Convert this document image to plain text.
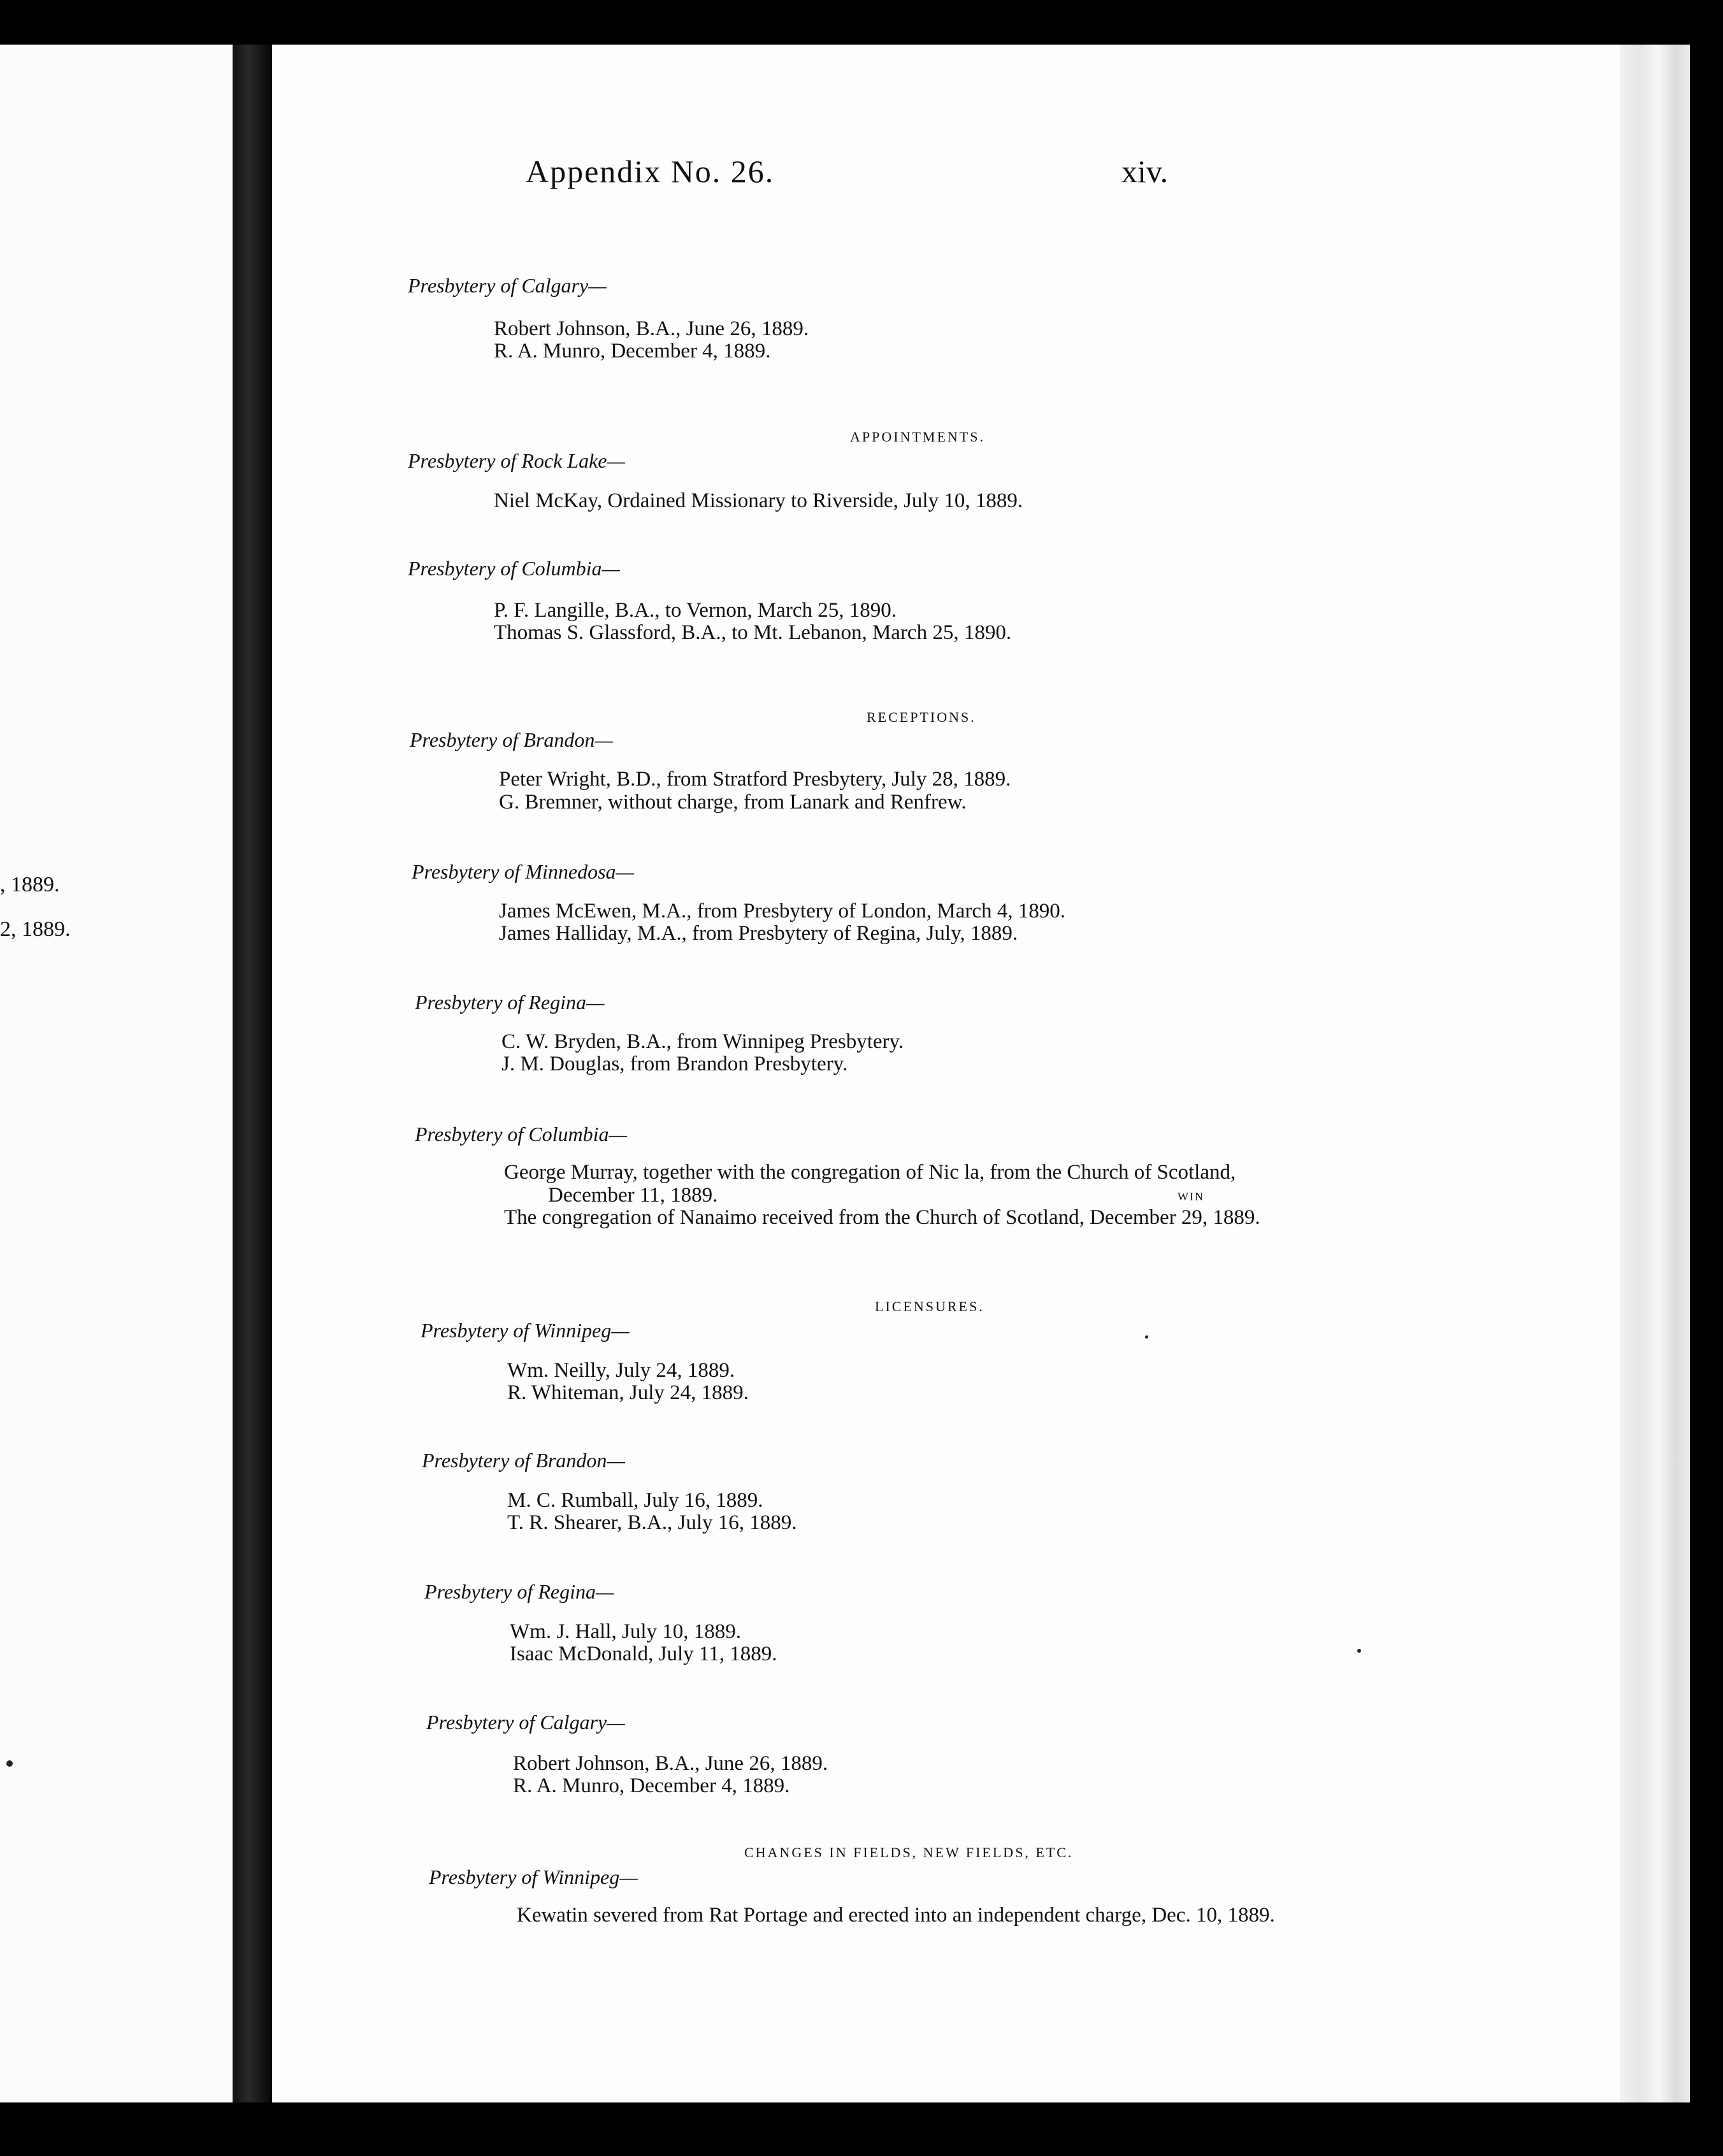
, 1889.
2, 1889.
Appendix No. 26.	xiv.
Presbytery of Calgary—
Robert Johnson, B.A., June 26, 1889.
R. A. Munro, December 4, 1889.
APPOINTMENTS.
Presbytery of Rock Lake—
Niel McKay, Ordained Missionary to Riverside, July 10, 1889.
Presbytery of Columbia—
P. F. Langille, B.A., to Vernon, March 25, 1890.
Thomas S. Glassford, B.A., to Mt. Lebanon, March 25, 1890.
RECEPTIONS.
Presbytery of Brandon—
Peter Wright, B.D., from Stratford Presbytery, July 28, 1889.
G. Bremner, without charge, from Lanark and Renfrew.
Presbytery of Minnedosa—
James McEwen, M.A., from Presbytery of London, March 4, 1890.
James Halliday, M.A., from Presbytery of Regina, July, 1889.
Presbytery of Regina—
C. W. Bryden, B.A., from Winnipeg Presbytery.
J. M. Douglas, from Brandon Presbytery.
Presbytery of Columbia—
George Murray, together with the congregation of Nic la, from the Church of Scotland,
December 11, 1889.	WIN
The congregation of Nanaimo received from the Church of Scotland, December 29, 1889.
LICENSURES.
Presbytery of Winnipeg—
Wm. Neilly, July 24, 1889.
R. Whiteman, July 24, 1889.
Presbytery of Brandon—
M. C. Rumball, July 16, 1889.
T. R. Shearer, B.A., July 16, 1889.
Presbytery of Regina—
Wm. J. Hall, July 10, 1889.
Isaac McDonald, July 11, 1889.
Presbytery of Calgary—
Robert Johnson, B.A., June 26, 1889.
R. A. Munro, December 4, 1889.
CHANGES IN FIELDS, NEW FIELDS, ETC.
Presbytery of Winnipeg—
Kewatin severed from Rat Portage and erected into an independent charge, Dec. 10, 1889.
